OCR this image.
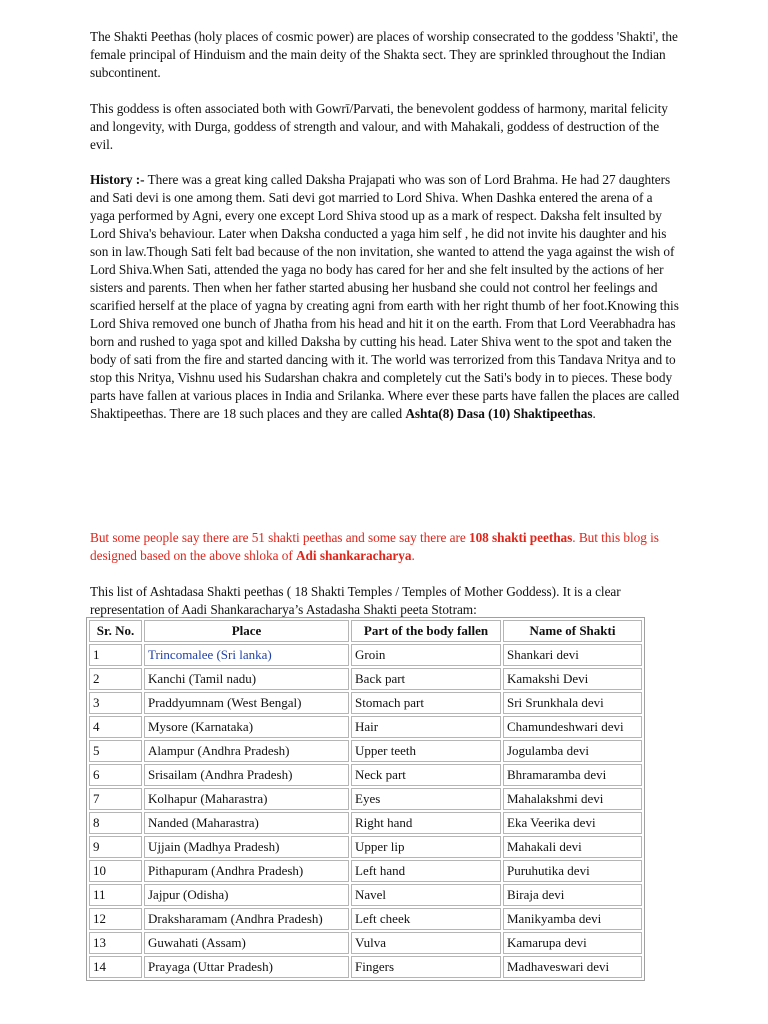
The Shakti Peethas (holy places of cosmic power) are places of worship consecrated to the goddess 'Shakti', the female principal of Hinduism and the main deity of the Shakta sect. They are sprinkled throughout the Indian subcontinent.

This goddess is often associated both with Gowrī/Parvati, the benevolent goddess of harmony, marital felicity and longevity, with Durga, goddess of strength and valour, and with Mahakali, goddess of destruction of the evil.

History :- There was a great king called Daksha Prajapati who was son of Lord Brahma. He had 27 daughters and Sati devi is one among them. Sati devi got married to Lord Shiva. When Dashka entered the arena of a yaga performed by Agni, every one except Lord Shiva stood up as a mark of respect. Daksha felt insulted by Lord Shiva's behaviour. Later when Daksha conducted a yaga him self , he did not invite his daughter and his son in law.Though Sati felt bad because of the non invitation, she wanted to attend the yaga against the wish of Lord Shiva.When Sati, attended the yaga no body has cared for her and she felt insulted by the actions of her sisters and parents. Then when her father started abusing her husband she could not control her feelings and scarified herself at the place of yagna by creating agni from earth with her right thumb of her foot.Knowing this Lord Shiva removed one bunch of Jhatha from his head and hit it on the earth. From that Lord Veerabhadra has born and rushed to yaga spot and killed Daksha by cutting his head. Later Shiva went to the spot and taken the body of sati from the fire and started dancing with it. The world was terrorized from this Tandava Nritya and to stop this Nritya, Vishnu used his Sudarshan chakra and completely cut the Sati's body in to pieces. These body parts have fallen at various places in India and Srilanka. Where ever these parts have fallen the places are called Shaktipeethas. There are 18 such places and they are called Ashta(8) Dasa (10) Shaktipeethas.

But some people say there are 51 shakti peethas and some say there are 108 shakti peethas. But this blog is designed based on the above shloka of Adi shankaracharya.

This list of Ashtadasa Shakti peethas ( 18 Shakti Temples / Temples of Mother Goddess). It is a clear representation of Aadi Shankaracharya’s Astadasha Shakti peeta Stotram:

Sr. No.	Place	Part of the body fallen	Name of Shakti
1	Trincomalee (Sri lanka)	Groin	Shankari devi
2	Kanchi (Tamil nadu)	Back part	Kamakshi Devi
3	Praddyumnam (West Bengal)	Stomach part	Sri Srunkhala devi
4	Mysore (Karnataka)	Hair	Chamundeshwari devi
5	Alampur (Andhra Pradesh)	Upper teeth	Jogulamba devi
6	Srisailam (Andhra Pradesh)	Neck part	Bhramaramba devi
7	Kolhapur (Maharastra)	Eyes	Mahalakshmi devi
8	Nanded (Maharastra)	Right hand	Eka Veerika devi
9	Ujjain (Madhya Pradesh)	Upper lip	Mahakali devi
10	Pithapuram (Andhra Pradesh)	Left hand	Puruhutika devi
11	Jajpur (Odisha)	Navel	Biraja devi
12	Draksharamam (Andhra Pradesh)	Left cheek	Manikyamba devi
13	Guwahati (Assam)	Vulva	Kamarupa devi
14	Prayaga (Uttar Pradesh)	Fingers	Madhaveswari devi
